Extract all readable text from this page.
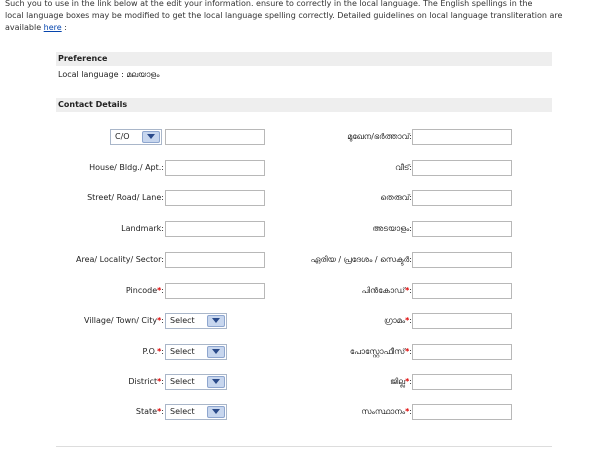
Such you to use in the link below at the edit your information. ensure to correctly in the local language. The English spellings in the
local language boxes may be modified to get the local language spelling correctly. Detailed guidelines on local language transliteration are
available here :
Preference
Local language : മലയാളം
Contact Details
C/O	മുഖേന/ഭർത്താവ്:
House/ Bldg./ Apt.:	വീട്:
Street/ Road/ Lane:	തെരുവ്:
Landmark:	അടയാളം:
Area/ Locality/ Sector:	ഏരിയ / പ്രദേശം / സെക്ടർ:
Pincode*:	പിൻകോഡ്*:
Village/ Town/ City*: Select	ഗ്രാമം*:
P.O.*: Select	പോസ്റ്റോഫീസ്*:
District*: Select	ജില്ല*:
State*: Select	സംസ്ഥാനം*:
